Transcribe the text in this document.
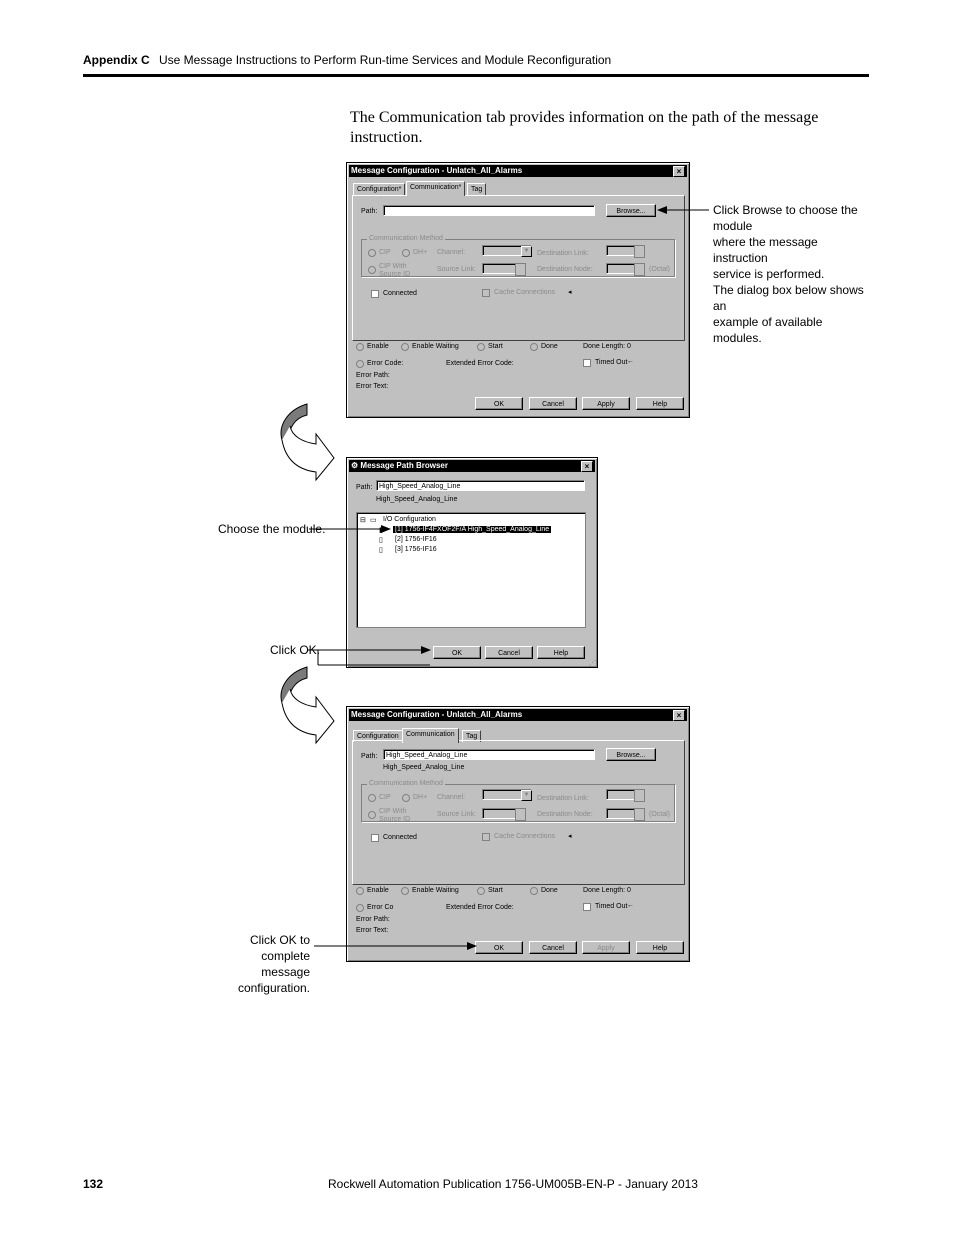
Appendix C Use Message Instructions to Perform Run-time Services and Module Reconfiguration
The Communication tab provides information on the path of the message instruction.
Message Configuration - Unlatch_All_Alarms	×
Configuration*	Communication*	Tag
Path:	Browse...
Communication Method
CIP	DH+ Channel:	▼	Destination Link:
CIP With Source ID
Source Link:	Destination Node:	(Octal)
Connected	Cache Connections ◂
Enable	Enable Waiting	Start	Done	Done Length: 0
Error Code:	Extended Error Code:	Timed Out ←
Error Path:
Error Text:
OK	Cancel	Apply	Help
⚙ Message Path Browser	×
Path: High_Speed_Analog_Line
High_Speed_Analog_Line
⊟ ▭ I/O Configuration
▮ [1] 1756-IF4FXOF2F/A High_Speed_Analog_Line
▯ [2] 1756-IF16
▯ [3] 1756-IF16
OK	Cancel	Help
⋰
Message Configuration - Unlatch_All_Alarms	×
Configuration	Communication	Tag
Path:	High_Speed_Analog_Line
High_Speed_Analog_Line
Browse...
Communication Method
CIP	DH+ Channel:	▼	Destination Link:
CIP With Source ID
Source Link:	Destination Node:	(Octal)
Connected	Cache Connections ◂
Enable	Enable Waiting	Start	Done	Done Length: 0
Error Co	Extended Error Code:	Timed Out ←
Error Path:
Error Text:
OK	Cancel	Apply	Help
Click Browse to choose the module
where the message instruction
service is performed.
The dialog box below shows an
example of available modules.
Choose the module.
Click OK.
Click OK to complete
message configuration.
132	Rockwell Automation Publication 1756-UM005B-EN-P - January 2013
